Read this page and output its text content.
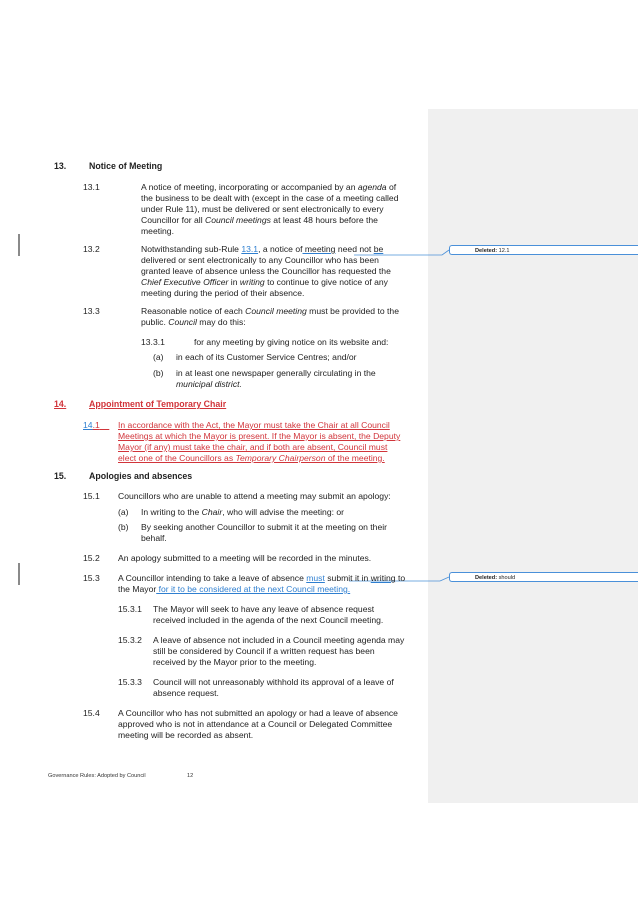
Deleted: 12.1
Deleted: should
13.	Notice of Meeting
13.1	A notice of meeting, incorporating or accompanied by an agenda of
the business to be dealt with (except in the case of a meeting called
under Rule 11), must be delivered or sent electronically to every
Councillor for all Council meetings at least 48 hours before the
meeting.
13.2	Notwithstanding sub-Rule 13.1, a notice of meeting need not be
delivered or sent electronically to any Councillor who has been
granted leave of absence unless the Councillor has requested the
Chief Executive Officer in writing to continue to give notice of any
meeting during the period of their absence.
13.3	Reasonable notice of each Council meeting must be provided to the
public. Council may do this:
13.3.1	for any meeting by giving notice on its website and:
(a) in each of its Customer Service Centres; and/or
(b) in at least one newspaper generally circulating in the
municipal district.
14.
	Appointment of Temporary Chair
14.1	In accordance with the Act, the Mayor must take the Chair at all Council
Meetings at which the Mayor is present. If the Mayor is absent, the Deputy
Mayor (if any) must take the chair, and if both are absent, Council must
elect one of the Councillors as Temporary Chairperson of the meeting.
15.	Apologies and absences
15.1 Councillors who are unable to attend a meeting may submit an apology:
(a) In writing to the Chair, who will advise the meeting: or
(b) By seeking another Councillor to submit it at the meeting on their
behalf.
15.2 An apology submitted to a meeting will be recorded in the minutes.
15.3 A Councillor intending to take a leave of absence must submit it in writing to
the Mayor for it to be considered at the next Council meeting.
15.3.1 The Mayor will seek to have any leave of absence request
received included in the agenda of the next Council meeting.
15.3.2 A leave of absence not included in a Council meeting agenda may
still be considered by Council if a written request has been
received by the Mayor prior to the meeting.
15.3.3 Council will not unreasonably withhold its approval of a leave of
absence request.
15.4 A Councillor who has not submitted an apology or had a leave of absence
approved who is not in attendance at a Council or Delegated Committee
meeting will be recorded as absent.
Governance Rules: Adopted by Council	12
